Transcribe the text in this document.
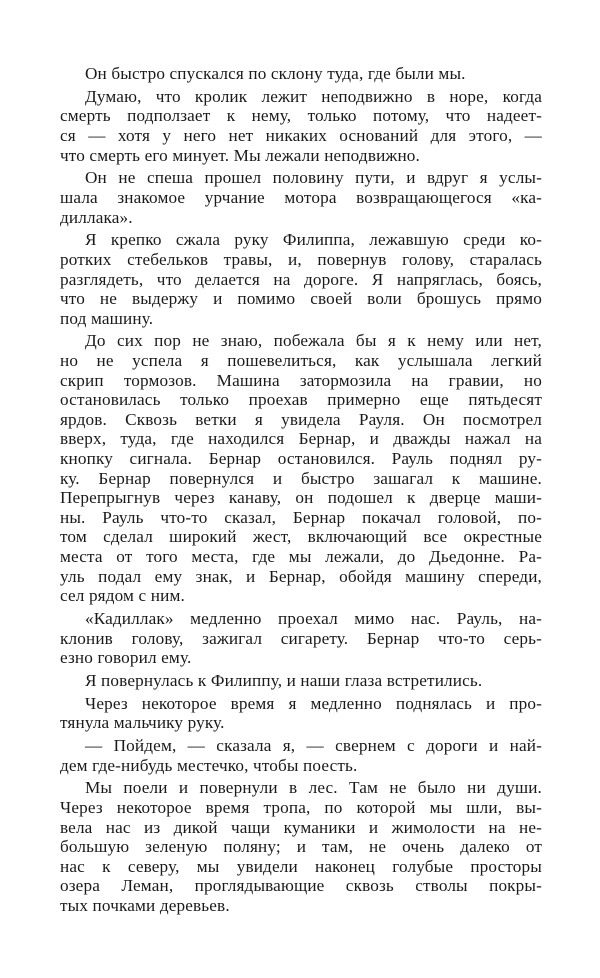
Он быстро спускался по склону туда, где были мы.
Думаю, что кролик лежит неподвижно в норе, когда
смерть подползает к нему, только потому, что надеет-
ся — хотя у него нет никаких оснований для этого, —
что смерть его минует. Мы лежали неподвижно.
Он не спеша прошел половину пути, и вдруг я услы-
шала знакомое урчание мотора возвращающегося «ка-
диллака».
Я крепко сжала руку Филиппа, лежавшую среди ко-
ротких стебельков травы, и, повернув голову, старалась
разглядеть, что делается на дороге. Я напряглась, боясь,
что не выдержу и помимо своей воли брошусь прямо
под машину.
До сих пор не знаю, побежала бы я к нему или нет,
но не успела я пошевелиться, как услышала легкий
скрип тормозов. Машина затормозила на гравии, но
остановилась только проехав примерно еще пятьдесят
ярдов. Сквозь ветки я увидела Рауля. Он посмотрел
вверх, туда, где находился Бернар, и дважды нажал на
кнопку сигнала. Бернар остановился. Рауль поднял ру-
ку. Бернар повернулся и быстро зашагал к машине.
Перепрыгнув через канаву, он подошел к дверце маши-
ны. Рауль что-то сказал, Бернар покачал головой, по-
том сделал широкий жест, включающий все окрестные
места от того места, где мы лежали, до Дьедонне. Ра-
уль подал ему знак, и Бернар, обойдя машину спереди,
сел рядом с ним.
«Кадиллак» медленно проехал мимо нас. Рауль, на-
клонив голову, зажигал сигарету. Бернар что-то серь-
езно говорил ему.
Я повернулась к Филиппу, и наши глаза встретились.
Через некоторое время я медленно поднялась и про-
тянула мальчику руку.
— Пойдем, — сказала я, — свернем с дороги и най-
дем где-нибудь местечко, чтобы поесть.
Мы поели и повернули в лес. Там не было ни души.
Через некоторое время тропа, по которой мы шли, вы-
вела нас из дикой чащи куманики и жимолости на не-
большую зеленую поляну; и там, не очень далеко от
нас к северу, мы увидели наконец голубые просторы
озера Леман, проглядывающие сквозь стволы покры-
тых почками деревьев.
